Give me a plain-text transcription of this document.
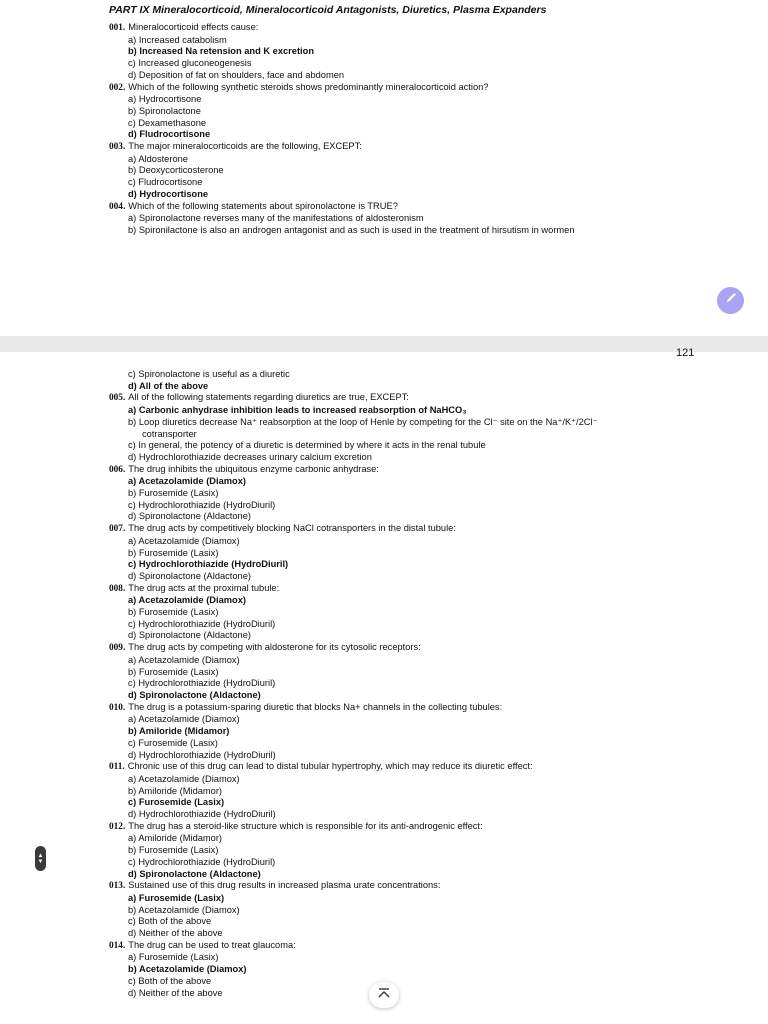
PART IX Mineralocorticoid, Mineralocorticoid Antagonists, Diuretics, Plasma Expanders
001. Mineralocorticoid effects cause:
a) Increased catabolism
b) Increased Na retension and K excretion
c) Increased gluconeogenesis
d) Deposition of fat on shoulders, face and abdomen
002. Which of the following synthetic steroids shows predominantly mineralocorticoid action?
a) Hydrocortisone
b) Spironolactone
c) Dexamethasone
d) Fludrocortisone
003. The major mineralocorticoids are the following, EXCEPT:
a) Aldosterone
b) Deoxycorticosterone
c) Fludrocortisone
d) Hydrocortisone
004. Which of the following statements about spironolactone is TRUE?
a) Spironolactone reverses many of the manifestations of aldosteronism
b) Spironilactone is also an androgen antagonist and as such is used in the treatment of hirsutism in wormen
121
c) Spironolactone is useful as a diuretic
d) All of the above
005. All of the following statements regarding diuretics are true, EXCEPT:
a) Carbonic anhydrase inhibition leads to increased reabsorption of NaHCO₃
b) Loop diuretics decrease Na⁺ reabsorption at the loop of Henle by competing for the Cl⁻ site on the Na⁺/K⁺/2Cl⁻
cotransporter
c) In general, the potency of a diuretic is determined by where it acts in the renal tubule
d) Hydrochlorothiazide decreases urinary calcium excretion
006. The drug inhibits the ubiquitous enzyme carbonic anhydrase:
a) Acetazolamide (Diamox)
b) Furosemide (Lasix)
c) Hydrochlorothiazide (HydroDiuril)
d) Spironolactone (Aldactone)
007. The drug acts by competitively blocking NaCl cotransporters in the distal tubule:
a) Acetazolamide (Diamox)
b) Furosemide (Lasix)
c) Hydrochlorothiazide (HydroDiuril)
d) Spironolactone (Aldactone)
008. The drug acts at the proximal tubule:
a) Acetazolamide (Diamox)
b) Furosemide (Lasix)
c) Hydrochlorothiazide (HydroDiuril)
d) Spironolactone (Aldactone)
009. The drug acts by competing with aldosterone for its cytosolic receptors:
a) Acetazolamide (Diamox)
b) Furosemide (Lasix)
c) Hydrochlorothiazide (HydroDiuril)
d) Spironolactone (Aldactone)
010. The drug is a potassium-sparing diuretic that blocks Na+ channels in the collecting tubules:
a) Acetazolamide (Diamox)
b) Amiloride (Midamor)
c) Furosemide (Lasix)
d) Hydrochlorothiazide (HydroDiuril)
011. Chronic use of this drug can lead to distal tubular hypertrophy, which may reduce its diuretic effect:
a) Acetazolamide (Diamox)
b) Amiloride (Midamor)
c) Furosemide (Lasix)
d) Hydrochlorothiazide (HydroDiuril)
012. The drug has a steroid-like structure which is responsible for its anti-androgenic effect:
a) Amiloride (Midamor)
b) Furosemide (Lasix)
c) Hydrochlorothiazide (HydroDiuril)
d) Spironolactone (Aldactone)
013. Sustained use of this drug results in increased plasma urate concentrations:
a) Furosemide (Lasix)
b) Acetazolamide (Diamox)
c) Both of the above
d) Neither of the above
014. The drug can be used to treat glaucoma:
a) Furosemide (Lasix)
b) Acetazolamide (Diamox)
c) Both of the above
d) Neither of the above
▲
▼
